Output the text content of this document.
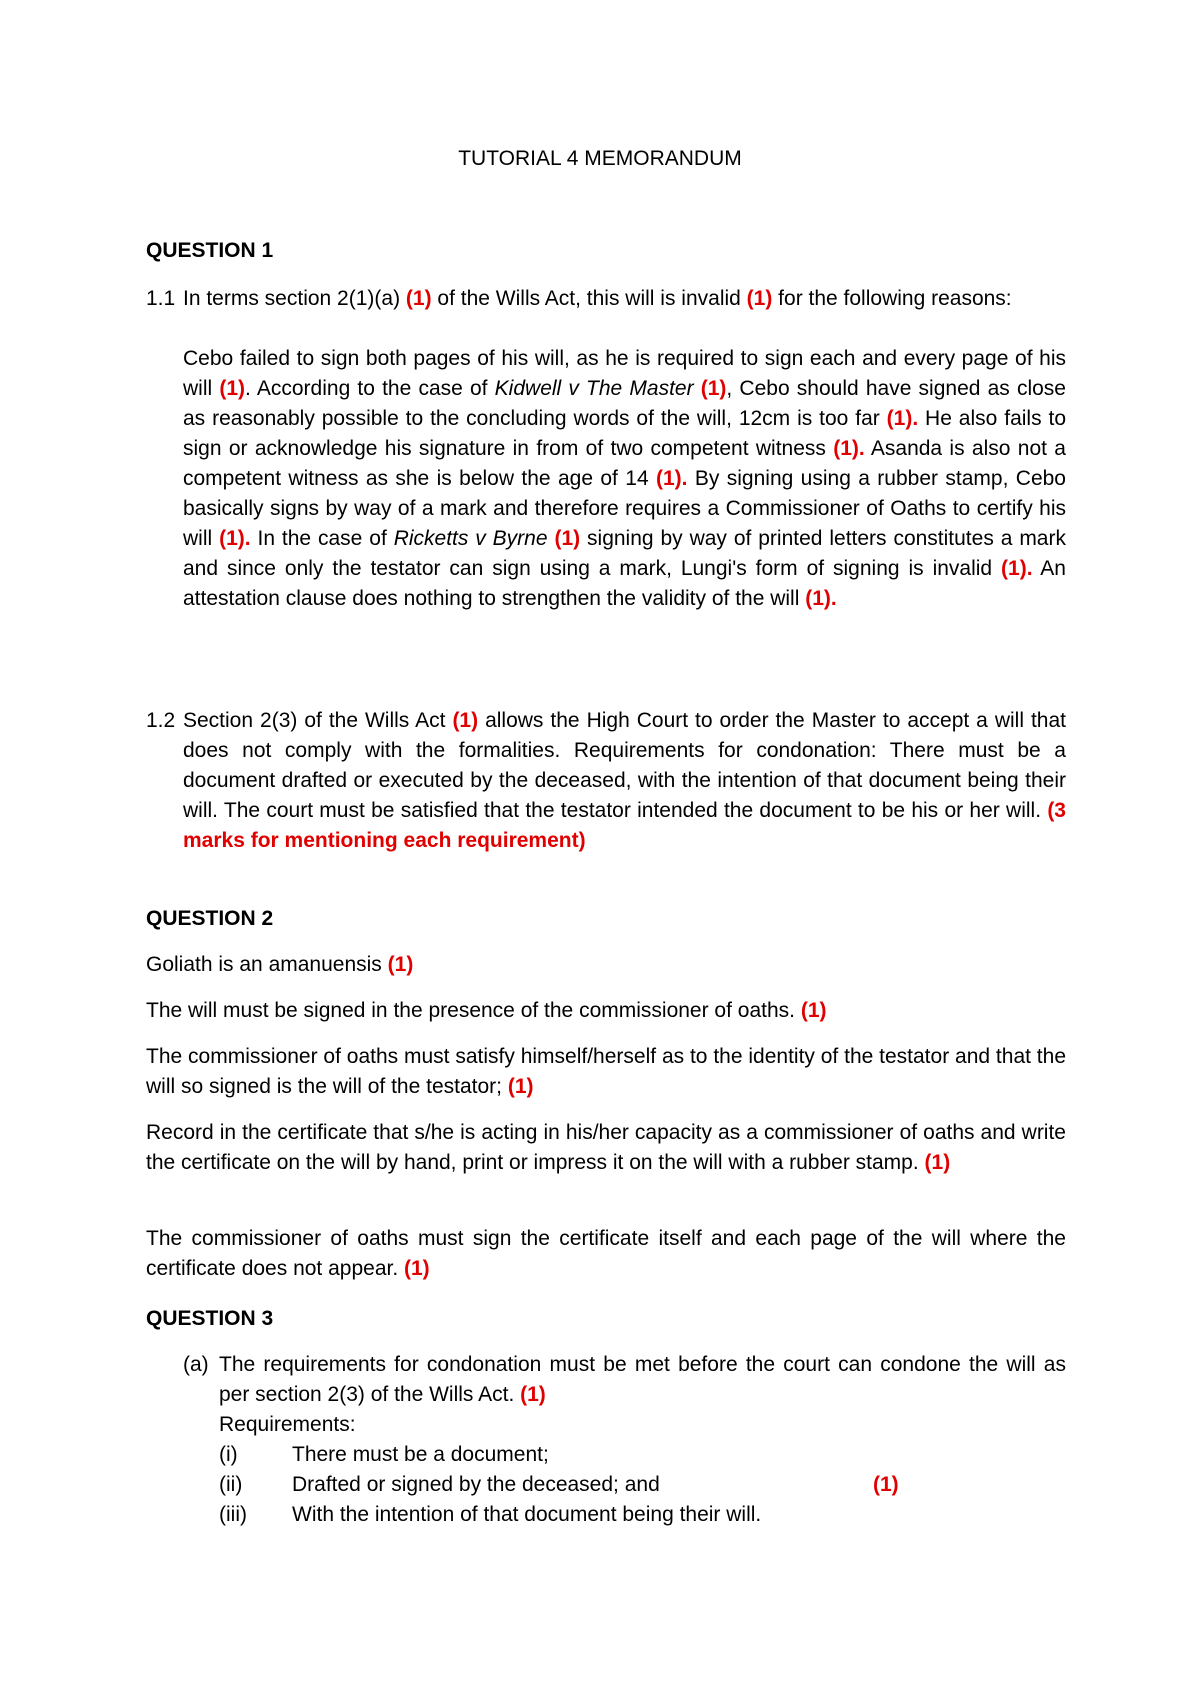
TUTORIAL 4 MEMORANDUM
QUESTION 1
1.1 In terms section 2(1)(a) (1) of the Wills Act, this will is invalid (1) for the following reasons:
Cebo failed to sign both pages of his will, as he is required to sign each and every page of his will (1). According to the case of Kidwell v The Master (1), Cebo should have signed as close as reasonably possible to the concluding words of the will, 12cm is too far (1). He also fails to sign or acknowledge his signature in from of two competent witness (1). Asanda is also not a competent witness as she is below the age of 14 (1). By signing using a rubber stamp, Cebo basically signs by way of a mark and therefore requires a Commissioner of Oaths to certify his will (1). In the case of Ricketts v Byrne (1) signing by way of printed letters constitutes a mark and since only the testator can sign using a mark, Lungi's form of signing is invalid (1). An attestation clause does nothing to strengthen the validity of the will (1).
1.2 Section 2(3) of the Wills Act (1) allows the High Court to order the Master to accept a will that does not comply with the formalities. Requirements for condonation: There must be a document drafted or executed by the deceased, with the intention of that document being their will. The court must be satisfied that the testator intended the document to be his or her will. (3 marks for mentioning each requirement)
QUESTION 2
Goliath is an amanuensis (1)
The will must be signed in the presence of the commissioner of oaths. (1)
The commissioner of oaths must satisfy himself/herself as to the identity of the testator and that the will so signed is the will of the testator; (1)
Record in the certificate that s/he is acting in his/her capacity as a commissioner of oaths and write the certificate on the will by hand, print or impress it on the will with a rubber stamp. (1)
The commissioner of oaths must sign the certificate itself and each page of the will where the certificate does not appear. (1)
QUESTION 3
(a) The requirements for condonation must be met before the court can condone the will as per section 2(3) of the Wills Act. (1)
Requirements:
(i)	There must be a document;
(ii) Drafted or signed by the deceased; and	(1)
(iii) With the intention of that document being their will.
